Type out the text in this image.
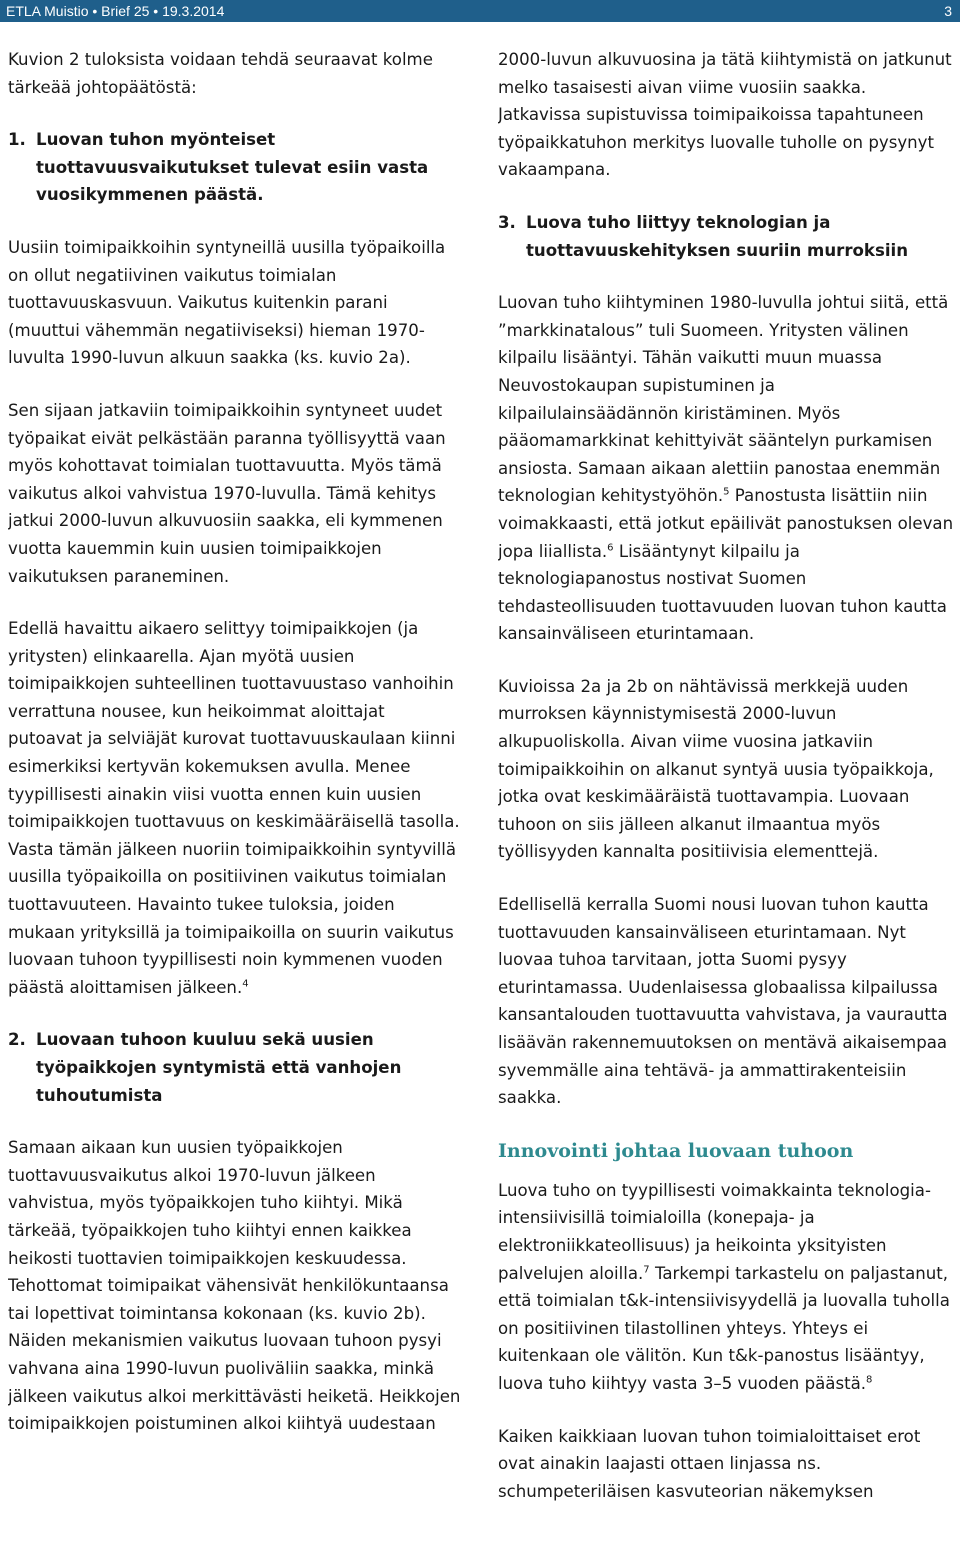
ETLA Muistio • Brief 25 • 19.3.2014	3

Kuvion 2 tuloksista voidaan tehdä seuraavat kolme tärkeää johtopäätöstä:

1. Luovan tuhon myönteiset tuottavuusvaikutukset tulevat esiin vasta vuosikymmenen päästä.

Uusiin toimipaikkoihin syntyneillä uusilla työpaikoilla on ollut negatiivinen vaikutus toimialan tuottavuuskasvuun. Vaikutus kuitenkin parani (muuttui vähemmän negatiiviseksi) hieman 1970-luvulta 1990-luvun alkuun saakka (ks. kuvio 2a).

Sen sijaan jatkaviin toimipaikkoihin syntyneet uudet työpaikat eivät pelkästään paranna työllisyyttä vaan myös kohottavat toimialan tuottavuutta. Myös tämä vaikutus alkoi vahvistua 1970-luvulla. Tämä kehitys jatkui 2000-luvun alkuvuosiin saakka, eli kymmenen vuotta kauemmin kuin uusien toimipaikkojen vaikutuksen paraneminen.

Edellä havaittu aikaero selittyy toimipaikkojen (ja yritysten) elinkaarella. Ajan myötä uusien toimipaikkojen suhteellinen tuottavuustaso vanhoihin verrattuna nousee, kun heikoimmat aloittajat putoavat ja selviäjät kurovat tuottavuuskaulaan kiinni esimerkiksi kertyvän kokemuksen avulla. Menee tyypillisesti ainakin viisi vuotta ennen kuin uusien toimipaikkojen tuottavuus on keskimääräisellä tasolla. Vasta tämän jälkeen nuoriin toimipaikkoihin syntyvillä uusilla työpaikoilla on positiivinen vaikutus toimialan tuottavuuteen. Havainto tukee tuloksia, joiden mukaan yrityksillä ja toimipaikoilla on suurin vaikutus luovaan tuhoon tyypillisesti noin kymmenen vuoden päästä aloittamisen jälkeen.$^4$

2. Luovaan tuhoon kuuluu sekä uusien työpaikkojen syntymistä että vanhojen tuhoutumista

Samaan aikaan kun uusien työpaikkojen tuottavuusvaikutus alkoi 1970-luvun jälkeen vahvistua, myös työpaikkojen tuho kiihtyi. Mikä tärkeää, työpaikkojen tuho kiihtyi ennen kaikkea heikosti tuottavien toimipaikkojen keskuudessa. Tehottomat toimipaikat vähensivät henkilökuntaansa tai lopettivat toimintansa kokonaan (ks. kuvio 2b). Näiden mekanismien vaikutus luovaan tuhoon pysyi vahvana aina 1990-luvun puoliväliin saakka, minkä jälkeen vaikutus alkoi merkittävästi heiketä. Heikkojen toimipaikkojen poistuminen alkoi kiihtyä uudestaan

2000-luvun alkuvuosina ja tätä kiihtymistä on jatkunut melko tasaisesti aivan viime vuosiin saakka. Jatkavissa supistuvissa toimipaikoissa tapahtuneen työpaikkatuhon merkitys luovalle tuholle on pysynyt vakaampana.

3. Luova tuho liittyy teknologian ja tuottavuuskehityksen suuriin murroksiin

Luovan tuho kiihtyminen 1980-luvulla johtui siitä, että ”markkinatalous” tuli Suomeen. Yritysten välinen kilpailu lisääntyi. Tähän vaikutti muun muassa Neuvostokaupan supistuminen ja kilpailulainsäädännön kiristäminen. Myös pääomamarkkinat kehittyivät sääntelyn purkamisen ansiosta. Samaan aikaan alettiin panostaa enemmän teknologian kehitystyöhön.$^5$ Panostusta lisättiin niin voimakkaasti, että jotkut epäilivät panostuksen olevan jopa liiallista.$^6$ Lisääntynyt kilpailu ja teknologiapanostus nostivat Suomen tehdasteollisuuden tuottavuuden luovan tuhon kautta kansainväliseen eturintamaan.

Kuvioissa 2a ja 2b on nähtävissä merkkejä uuden murroksen käynnistymisestä 2000-luvun alkupuoliskolla. Aivan viime vuosina jatkaviin toimipaikkoihin on alkanut syntyä uusia työpaikkoja, jotka ovat keskimääräistä tuottavampia. Luovaan tuhoon on siis jälleen alkanut ilmaantua myös työllisyyden kannalta positiivisia elementtejä.

Edellisellä kerralla Suomi nousi luovan tuhon kautta tuottavuuden kansainväliseen eturintamaan. Nyt luovaa tuhoa tarvitaan, jotta Suomi pysyy eturintamassa. Uudenlaisessa globaalissa kilpailussa kansantalouden tuottavuutta vahvistava, ja vaurautta lisäävän rakennemuutoksen on mentävä aikaisempaa syvemmälle aina tehtävä- ja ammattirakenteisiin saakka.

Innovointi johtaa luovaan tuhoon

Luova tuho on tyypillisesti voimakkainta teknologia-intensiivisillä toimialoilla (konepaja- ja elektroniikkateollisuus) ja heikointa yksityisten palvelujen aloilla.$^7$ Tarkempi tarkastelu on paljastanut, että toimialan t&k-intensiivisyydellä ja luovalla tuholla on positiivinen tilastollinen yhteys. Yhteys ei kuitenkaan ole välitön. Kun t&k-panostus lisääntyy, luova tuho kiihtyy vasta 3–5 vuoden päästä.$^8$

Kaiken kaikkiaan luovan tuhon toimialoittaiset erot ovat ainakin laajasti ottaen linjassa ns. schumpeteriläisen kasvuteorian näkemyksen
